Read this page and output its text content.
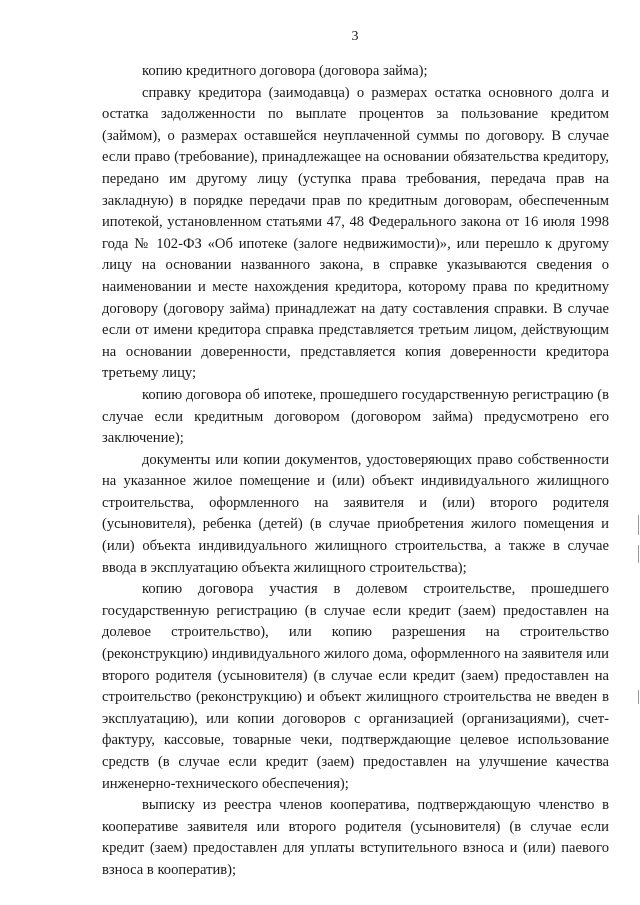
3

копию кредитного договора (договора займа);

справку кредитора (заимодавца) о размерах остатка основного долга и остатка задолженности по выплате процентов за пользование кредитом (займом), о размерах оставшейся неуплаченной суммы по договору. В случае если право (требование), принадлежащее на основании обязательства кредитору, передано им другому лицу (уступка права требования, передача прав на закладную) в порядке передачи прав по кредитным договорам, обеспеченным ипотекой, установленном статьями 47, 48 Федерального закона от 16 июля 1998 года № 102-ФЗ «Об ипотеке (залоге недвижимости)», или перешло к другому лицу на основании названного закона, в справке указываются сведения о наименовании и месте нахождения кредитора, которому права по кредитному договору (договору займа) принадлежат на дату составления справки. В случае если от имени кредитора справка представляется третьим лицом, действующим на основании доверенности, представляется копия доверенности кредитора третьему лицу;

копию договора об ипотеке, прошедшего государственную регистрацию (в случае если кредитным договором (договором займа) предусмотрено его заключение);

документы или копии документов, удостоверяющих право собственности на указанное жилое помещение и (или) объект индивидуального жилищного строительства, оформленного на заявителя и (или) второго родителя (усыновителя), ребенка (детей) (в случае приобретения жилого помещения и (или) объекта индивидуального жилищного строительства, а также в случае ввода в эксплуатацию объекта жилищного строительства);

копию договора участия в долевом строительстве, прошедшего государственную регистрацию (в случае если кредит (заем) предоставлен на долевое строительство), или копию разрешения на строительство (реконструкцию) индивидуального жилого дома, оформленного на заявителя или второго родителя (усыновителя) (в случае если кредит (заем) предоставлен на строительство (реконструкцию) и объект жилищного строительства не введен в эксплуатацию), или копии договоров с организацией (организациями), счет-фактуру, кассовые, товарные чеки, подтверждающие целевое использование средств (в случае если кредит (заем) предоставлен на улучшение качества инженерно-технического обеспечения);

выписку из реестра членов кооператива, подтверждающую членство в кооперативе заявителя или второго родителя (усыновителя) (в случае если кредит (заем) предоставлен для уплаты вступительного взноса и (или) паевого взноса в кооператив);
